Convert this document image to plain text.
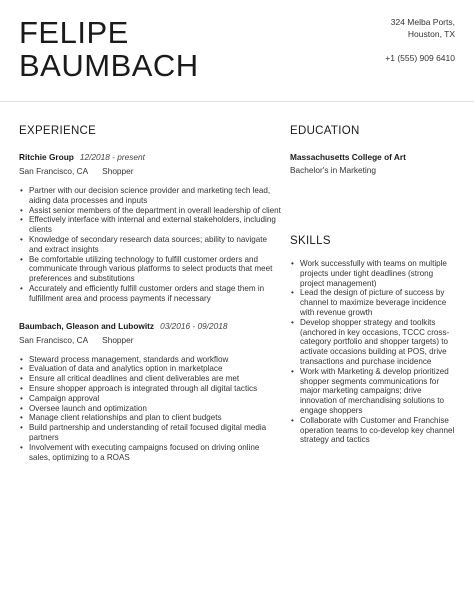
FELIPE
BAUMBACH
324 Melba Ports,
Houston, TX
+1 (555) 909 6410
EXPERIENCE
Ritchie Group 12/2018 - present
San Francisco, CA Shopper
• Partner with our decision science provider and marketing tech lead, aiding data processes and inputs
• Assist senior members of the department in overall leadership of client
• Effectively interface with internal and external stakeholders, including clients
• Knowledge of secondary research data sources; ability to navigate and extract insights
• Be comfortable utilizing technology to fulfill customer orders and communicate through various platforms to select products that meet preferences and substitutions
• Accurately and efficiently fulfill customer orders and stage them in fulfillment area and process payments if necessary
Baumbach, Gleason and Lubowitz 03/2016 - 09/2018
San Francisco, CA Shopper
• Steward process management, standards and workflow
• Evaluation of data and analytics option in marketplace
• Ensure all critical deadlines and client deliverables are met
• Ensure shopper approach is integrated through all digital tactics
• Campaign approval
• Oversee launch and optimization
• Manage client relationships and plan to client budgets
• Build partnership and understanding of retail focused digital media partners
• Involvement with executing campaigns focused on driving online sales, optimizing to a ROAS
EDUCATION
Massachusetts College of Art
Bachelor's in Marketing
SKILLS
• Work successfully with teams on multiple projects under tight deadlines (strong project management)
• Lead the design of picture of success by channel to maximize beverage incidence with revenue growth
• Develop shopper strategy and toolkits (anchored in key occasions, TCCC cross-category portfolio and shopper targets) to activate occasions building at POS, drive transactions and purchase incidence
• Work with Marketing & develop prioritized shopper segments communications for major marketing campaigns; drive innovation of merchandising solutions to engage shoppers
• Collaborate with Customer and Franchise operation teams to co-develop key channel strategy and tactics
